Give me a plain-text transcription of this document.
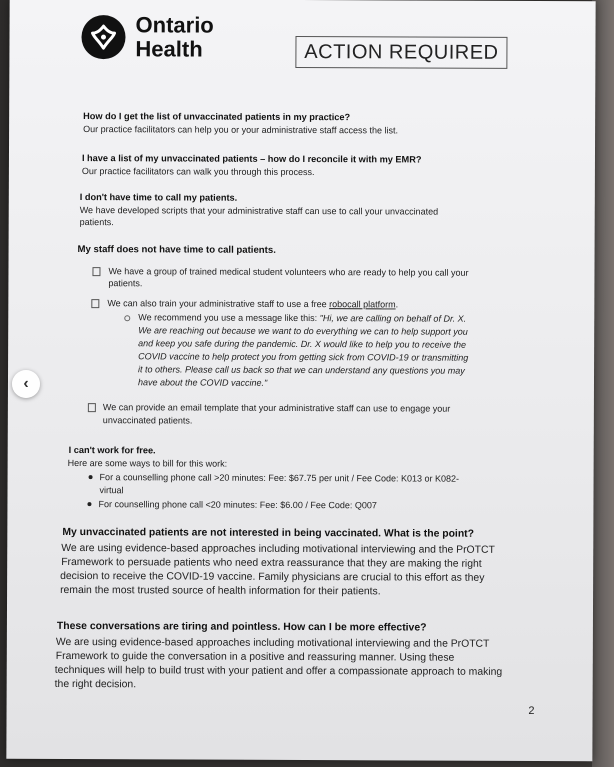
Ontario
Health	ACTION REQUIRED
How do I get the list of unvaccinated patients in my practice?
Our practice facilitators can help you or your administrative staff access the list.
I have a list of my unvaccinated patients – how do I reconcile it with my EMR?
Our practice facilitators can walk you through this process.
I don't have time to call my patients.
We have developed scripts that your administrative staff can use to call your unvaccinated
patients.
My staff does not have time to call patients.
We have a group of trained medical student volunteers who are ready to help you call your
patients.
We can also train your administrative staff to use a free robocall platform.
We recommend you use a message like this: "Hi, we are calling on behalf of Dr. X.
We are reaching out because we want to do everything we can to help support you
and keep you safe during the pandemic. Dr. X would like to help you to receive the
COVID vaccine to help protect you from getting sick from COVID-19 or transmitting
it to others. Please call us back so that we can understand any questions you may
have about the COVID vaccine."
We can provide an email template that your administrative staff can use to engage your
unvaccinated patients.
I can't work for free.
Here are some ways to bill for this work:
For a counselling phone call >20 minutes: Fee: $67.75 per unit / Fee Code: K013 or K082-
virtual
For counselling phone call <20 minutes: Fee: $6.00 / Fee Code: Q007
My unvaccinated patients are not interested in being vaccinated. What is the point?
We are using evidence-based approaches including motivational interviewing and the PrOTCT
Framework to persuade patients who need extra reassurance that they are making the right
decision to receive the COVID-19 vaccine. Family physicians are crucial to this effort as they
remain the most trusted source of health information for their patients.
These conversations are tiring and pointless. How can I be more effective?
We are using evidence-based approaches including motivational interviewing and the PrOTCT
Framework to guide the conversation in a positive and reassuring manner. Using these
techniques will help to build trust with your patient and offer a compassionate approach to making
the right decision.
2
‹
